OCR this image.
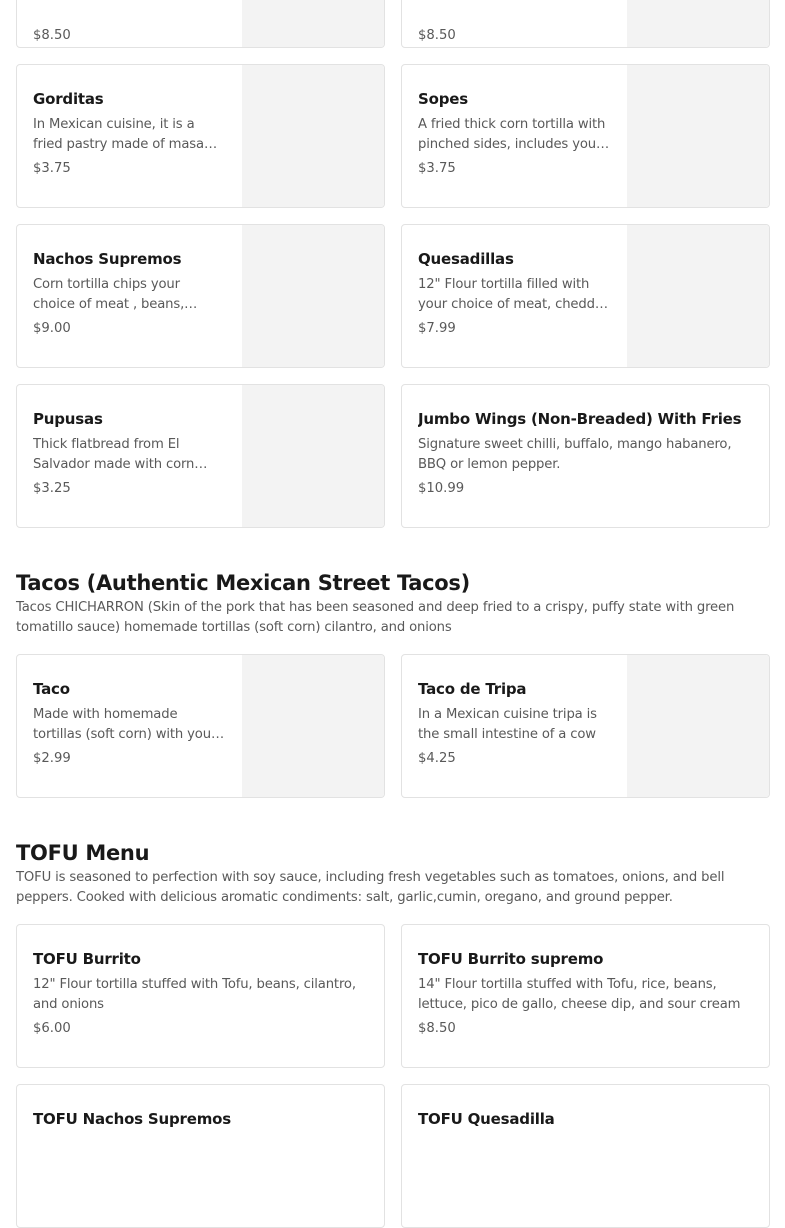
$8.50	$8.50
Gorditas
In Mexican cuisine, it is a fried pastry made of masa
$3.75
Sopes
A fried thick corn tortilla with pinched sides, includes your
$3.75
Nachos Supremos
Corn tortilla chips your choice of meat , beans,
$9.00
Quesadillas
12" Flour tortilla filled with your choice of meat, cheddar
$7.99
Pupusas
Thick flatbread from El Salvador made with corn
$3.25
Jumbo Wings (Non-Breaded) With Fries
Signature sweet chilli, buffalo, mango habanero, BBQ or lemon pepper.
$10.99
Tacos (Authentic Mexican Street Tacos)
Tacos CHICHARRON (Skin of the pork that has been seasoned and deep fried to a crispy, puffy state with green tomatillo sauce) homemade tortillas (soft corn) cilantro, and onions
Taco
Made with homemade tortillas (soft corn) with your
$2.99
Taco de Tripa
In a Mexican cuisine tripa is the small intestine of a cow
$4.25
TOFU Menu
TOFU is seasoned to perfection with soy sauce, including fresh vegetables such as tomatoes, onions, and bell peppers. Cooked with delicious aromatic condiments: salt, garlic,cumin, oregano, and ground pepper.
TOFU Burrito
12" Flour tortilla stuffed with Tofu, beans, cilantro, and onions
$6.00
TOFU Burrito supremo
14" Flour tortilla stuffed with Tofu, rice, beans, lettuce, pico de gallo, cheese dip, and sour cream
$8.50
TOFU Nachos Supremos	TOFU Quesadilla
